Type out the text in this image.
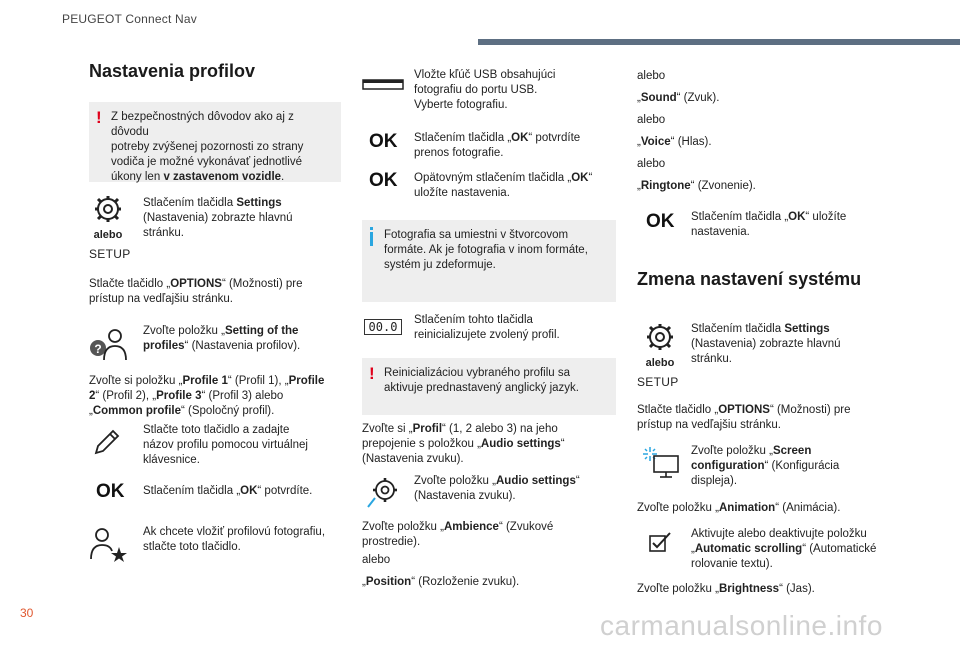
PEUGEOT Connect Nav
Nastavenia profilov
! Z bezpečnostných dôvodov ako aj z dôvodu
potreby zvýšenej pozornosti zo strany
vodiča je možné vykonávať jednotlivé
úkony len v zastavenom vozidle.
alebo
SETUP
Stlačením tlačidla Settings
(Nastavenia) zobrazte hlavnú
stránku.
Stlačte tlačidlo „OPTIONS“ (Možnosti) pre
prístup na vedľajšiu stránku.
?
Zvoľte položku „Setting of the
profiles“ (Nastavenia profilov).
Zvoľte si položku „Profile 1“ (Profil 1), „Profile
2“ (Profil 2), „Profile 3“ (Profil 3) alebo
„Common profile“ (Spoločný profil).
Stlačte toto tlačidlo a zadajte
názov profilu pomocou virtuálnej
klávesnice.
OK Stlačením tlačidla „OK“ potvrdíte.
Ak chcete vložiť profilovú fotografiu,
stlačte toto tlačidlo.
Vložte kľúč USB obsahujúci
fotografiu do portu USB.
Vyberte fotografiu.
OK Stlačením tlačidla „OK“ potvrdíte
prenos fotografie.
OK Opätovným stlačením tlačidla „OK“
uložíte nastavenia.
Fotografia sa umiestni v štvorcovom
formáte. Ak je fotografia v inom formáte,
systém ju zdeformuje.
00.0	Stlačením tohto tlačidla
reinicializujete zvolený profil.
! Reinicializáciou vybraného profilu sa
aktivuje prednastavený anglický jazyk.
Zvoľte si „Profil“ (1, 2 alebo 3) na jeho
prepojenie s položkou „Audio settings“
(Nastavenia zvuku).
Zvoľte položku „Audio settings“
(Nastavenia zvuku).
Zvoľte položku „Ambience“ (Zvukové
prostredie).
alebo
„Position“ (Rozloženie zvuku).
alebo
„Sound“ (Zvuk).
alebo
„Voice“ (Hlas).
alebo
„Ringtone“ (Zvonenie).
OK Stlačením tlačidla „OK“ uložíte
nastavenia.
Zmena nastavení systému
alebo
SETUP
Stlačením tlačidla Settings
(Nastavenia) zobrazte hlavnú
stránku.
Stlačte tlačidlo „OPTIONS“ (Možnosti) pre
prístup na vedľajšiu stránku.
Zvoľte položku „Screen
configuration“ (Konfigurácia
displeja).
Zvoľte položku „Animation“ (Animácia).
Aktivujte alebo deaktivujte položku
„Automatic scrolling“ (Automatické
rolovanie textu).
Zvoľte položku „Brightness“ (Jas).
30	carmanualsonline.info
